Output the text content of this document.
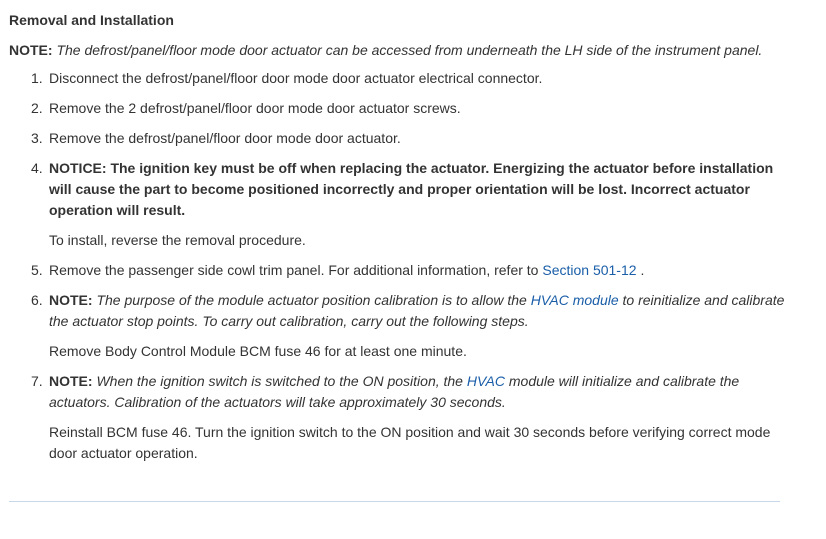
Removal and Installation
NOTE: The defrost/panel/floor mode door actuator can be accessed from underneath the LH side of the instrument panel.
1. Disconnect the defrost/panel/floor door mode door actuator electrical connector.
2. Remove the 2 defrost/panel/floor door mode door actuator screws.
3. Remove the defrost/panel/floor door mode door actuator.
4. NOTICE: The ignition key must be off when replacing the actuator. Energizing the actuator before installation will cause the part to become positioned incorrectly and proper orientation will be lost. Incorrect actuator operation will result.
To install, reverse the removal procedure.
5. Remove the passenger side cowl trim panel. For additional information, refer to Section 501-12 .
6. NOTE: The purpose of the module actuator position calibration is to allow the HVAC module to reinitialize and calibrate the actuator stop points. To carry out calibration, carry out the following steps.
Remove Body Control Module BCM fuse 46 for at least one minute.
7. NOTE: When the ignition switch is switched to the ON position, the HVAC module will initialize and calibrate the actuators. Calibration of the actuators will take approximately 30 seconds.
Reinstall BCM fuse 46. Turn the ignition switch to the ON position and wait 30 seconds before verifying correct mode door actuator operation.
